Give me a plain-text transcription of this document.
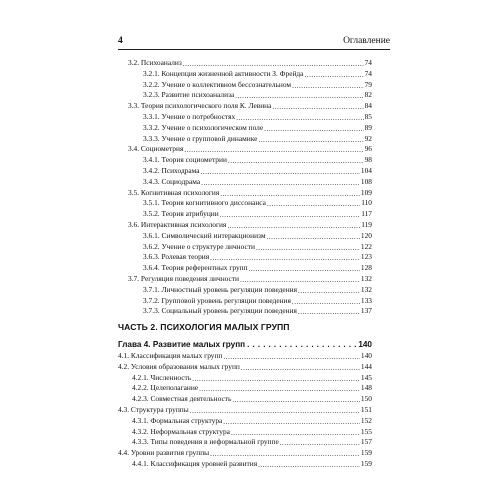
4	Оглавление
3.2. Психоанализ . . .	74
3.2.1. Концепция жизненной активности З. Фрейда . . .	74
3.2.2. Учение о коллективном бессознательном . . .	79
3.2.3. Развитие психоанализа . . .	82
3.3. Теория психологического поля К. Левина . . .	84
3.3.1. Учение о потребностях . . .	85
3.3.2. Учение о психологическом поле . . .	89
3.3.3. Учение о групповой динамике . . .	92
3.4. Социометрия . . .	96
3.4.1. Теория социометрии . . .	98
3.4.2. Психодрама . . .	104
3.4.3. Социодрама . . .	108
3.5. Когнитивная психология . . .	109
3.5.1. Теория когнитивного диссонанса . . .	110
3.5.2. Теория атрибуции . . .	117
3.6. Интерактивная психология . . .	119
3.6.1. Символический интеракционизм . . .	120
3.6.2. Учение о структуре личности . . .	122
3.6.3. Ролевая теория . . .	123
3.6.4. Теория референтных групп . . .	128
3.7. Регуляция поведения личности . . .	132
3.7.1. Личностный уровень регуляции поведения . . .	132
3.7.2. Групповой уровень регуляции поведения . . .	133
3.7.3. Социальный уровень регуляции поведения . . .	137
ЧАСТЬ 2. ПСИХОЛОГИЯ МАЛЫХ ГРУПП
Глава 4. Развитие малых групп . . .	140
4.1. Классификация малых групп . . .	140
4.2. Условия образования малых групп . . .	144
4.2.1. Численность . . .	145
4.2.2. Целеполагание . . .	148
4.2.3. Совместная деятельность . . .	150
4.3. Структура группы . . .	151
4.3.1. Формальная структура . . .	152
4.3.2. Неформальная структура . . .	155
4.3.3. Типы поведения в неформальной группе . . .	157
4.4. Уровни развития группы . . .	159
4.4.1. Классификация уровней развития . . .	159
